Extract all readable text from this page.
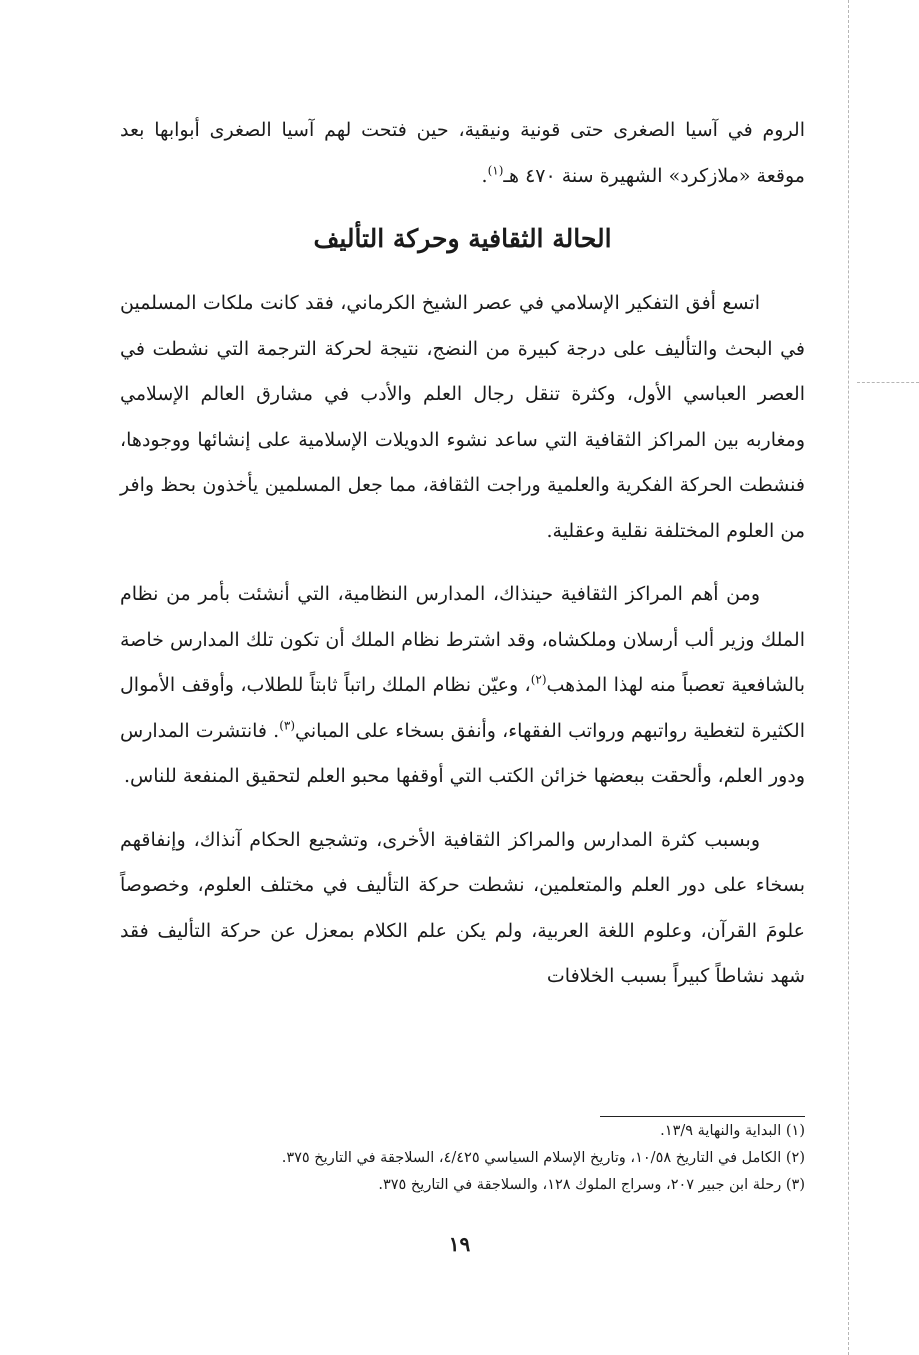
الروم في آسيا الصغرى حتى قونية ونيقية، حين فتحت لهم آسيا الصغرى أبوابها بعد موقعة «ملازكرد» الشهيرة سنة ٤٧٠ هـ$^{(١)}$.

الحالة الثقافية وحركة التأليف

اتسع أفق التفكير الإسلامي في عصر الشيخ الكرماني، فقد كانت ملكات المسلمين في البحث والتأليف على درجة كبيرة من النضج، نتيجة لحركة الترجمة التي نشطت في العصر العباسي الأول، وكثرة تنقل رجال العلم والأدب في مشارق العالم الإسلامي ومغاربه بين المراكز الثقافية التي ساعد نشوء الدويلات الإسلامية على إنشائها ووجودها، فنشطت الحركة الفكرية والعلمية وراجت الثقافة، مما جعل المسلمين يأخذون بحظ وافر من العلوم المختلفة نقلية وعقلية.

ومن أهم المراكز الثقافية حينذاك، المدارس النظامية، التي أنشئت بأمر من نظام الملك وزير ألب أرسلان وملكشاه، وقد اشترط نظام الملك أن تكون تلك المدارس خاصة بالشافعية تعصباً منه لهذا المذهب$^{(٢)}$، وعيّن نظام الملك راتباً ثابتاً للطلاب، وأوقف الأموال الكثيرة لتغطية رواتبهم ورواتب الفقهاء، وأنفق بسخاء على المباني$^{(٣)}$. فانتشرت المدارس ودور العلم، وألحقت ببعضها خزائن الكتب التي أوقفها محبو العلم لتحقيق المنفعة للناس.

وبسبب كثرة المدارس والمراكز الثقافية الأخرى، وتشجيع الحكام آنذاك، وإنفاقهم بسخاء على دور العلم والمتعلمين، نشطت حركة التأليف في مختلف العلوم، وخصوصاً علومَ القرآن، وعلوم اللغة العربية، ولم يكن علم الكلام بمعزل عن حركة التأليف فقد شهد نشاطاً كبيراً بسبب الخلافات

(١) البداية والنهاية ١٣/٩.

(٢) الكامل في التاريخ ١٠/٥٨، وتاريخ الإسلام السياسي ٤/٤٢٥، السلاجقة في التاريخ ٣٧٥.

(٣) رحلة ابن جبير ٢٠٧، وسراج الملوك ١٢٨، والسلاجقة في التاريخ ٣٧٥.

١٩
